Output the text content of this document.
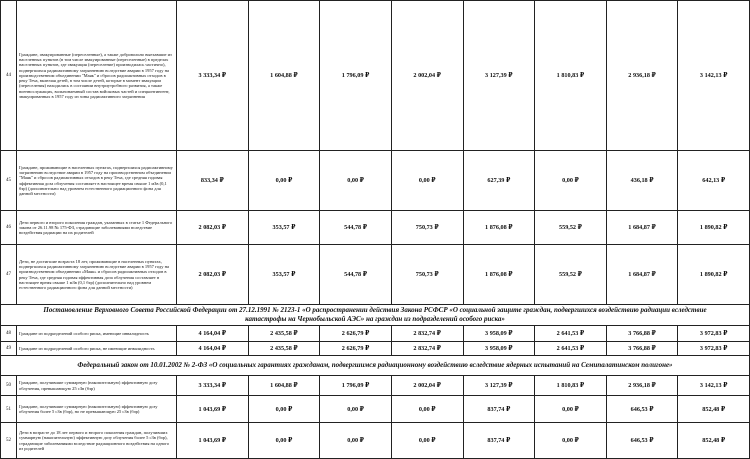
44	Граждане, эвакуированные (переселенные), а также добровольно выехавшие из населенных пунктов (в том числе эвакуированные (переселенные) в пределах населенных пунктов, где эвакуация (переселение) производилась частично), подвергшихся радиоактивному загрязнению вследствие аварии в 1957 году на производственном объединении "Маяк" и сбросов радиоактивных отходов в реку Теча, включая детей, в том числе детей, которые в момент эвакуации (переселения) находились в состоянии внутриутробного развития, а также военнослужащих, вольнонаемный состав войсковых частей и спецконтингент, эвакуированных в 1957 году из зоны радиоактивного загрязнения	3 333,34 ₽	1 604,88 ₽	1 796,09 ₽	2 002,04 ₽	3 127,39 ₽	1 810,83 ₽	2 936,18 ₽	3 142,13 ₽
45	Граждане, проживающие в населенных пунктах, подвергшихся радиоактивному загрязнению вследствие аварии в 1957 году на производственном объединении "Маяк" и сбросов радиоактивных отходов в реку Теча, где средняя годовая эффективная доза облучения составляет в настоящее время свыше 1 мЗв (0,1 бэр) (дополнительно над уровнем естественного радиационного фона для данной местности)	833,34 ₽	0,00 ₽	0,00 ₽	0,00 ₽	627,39 ₽	0,00 ₽	436,18 ₽	642,13 ₽
46	Дети первого и второго поколения граждан, указанных в статье 1 Федерального закона от 26.11.98 № 175-ФЗ, страдающие заболеваниями вследствие воздействия радиации на их родителей	2 082,03 ₽	353,57 ₽	544,78 ₽	750,73 ₽	1 876,08 ₽	559,52 ₽	1 684,87 ₽	1 890,82 ₽
47	Дети, не достигшие возраста 18 лет, проживающие в населенных пунктах, подвергшихся радиоактивному загрязнению вследствие аварии в 1957 году на производственном объединении «Маяк» и сбросов радиоактивных отходов в реку Теча, где средняя годовая эффективная доза облучения составляет в настоящее время свыше 1 мЗв (0,1 бэр) (дополнительно над уровнем естественного радиационного фона для данной местности)	2 082,03 ₽	353,57 ₽	544,78 ₽	750,73 ₽	1 876,08 ₽	559,52 ₽	1 684,87 ₽	1 890,82 ₽

Постановление Верховного Совета Российской Федерации от 27.12.1991 № 2123-1 «О распространении действия Закона РСФСР «О социальной защите граждан, подвергшихся воздействию радиации вследствие
катастрофы на Чернобыльской АЭС» на граждан из подразделений особого риска»									

48	Граждане из подразделений особого риска, имеющие инвалидность	4 164,04 ₽	2 435,58 ₽	2 626,79 ₽	2 832,74 ₽	3 958,09 ₽	2 641,53 ₽	3 766,88 ₽	3 972,83 ₽
49	Граждане из подразделений особого риска, не имеющие инвалидность	4 164,04 ₽	2 435,58 ₽	2 626,79 ₽	2 832,74 ₽	3 958,09 ₽	2 641,53 ₽	3 766,88 ₽	3 972,83 ₽

Федеральный закон от 10.01.2002 № 2-ФЗ «О социальных гарантиях гражданам, подвергшимся радиационному воздействию вследствие ядерных испытаний на Семипалатинском полигоне»									

50	Граждане, получившие суммарную (накопительную) эффективную дозу облучения, превышающую 25 сЗв (бэр)	3 333,34 ₽	1 604,88 ₽	1 796,09 ₽	2 002,04 ₽	3 127,39 ₽	1 810,83 ₽	2 936,18 ₽	3 142,13 ₽
51	Граждане, получившие суммарную (накопительную) эффективную дозу облучения более 5 сЗв (бэр), но не превышающую 25 сЗв (бэр)	1 043,69 ₽	0,00 ₽	0,00 ₽	0,00 ₽	837,74 ₽	0,00 ₽	646,53 ₽	852,48 ₽
52	Дети в возрасте до 18 лет первого и второго поколения граждан, получивших суммарную (накопительную) эффективную дозу облучения более 5 сЗв (бэр), страдающие заболеваниями вследствие радиационного воздействия на одного из родителей	1 043,69 ₽	0,00 ₽	0,00 ₽	0,00 ₽	837,74 ₽	0,00 ₽	646,53 ₽	852,48 ₽
